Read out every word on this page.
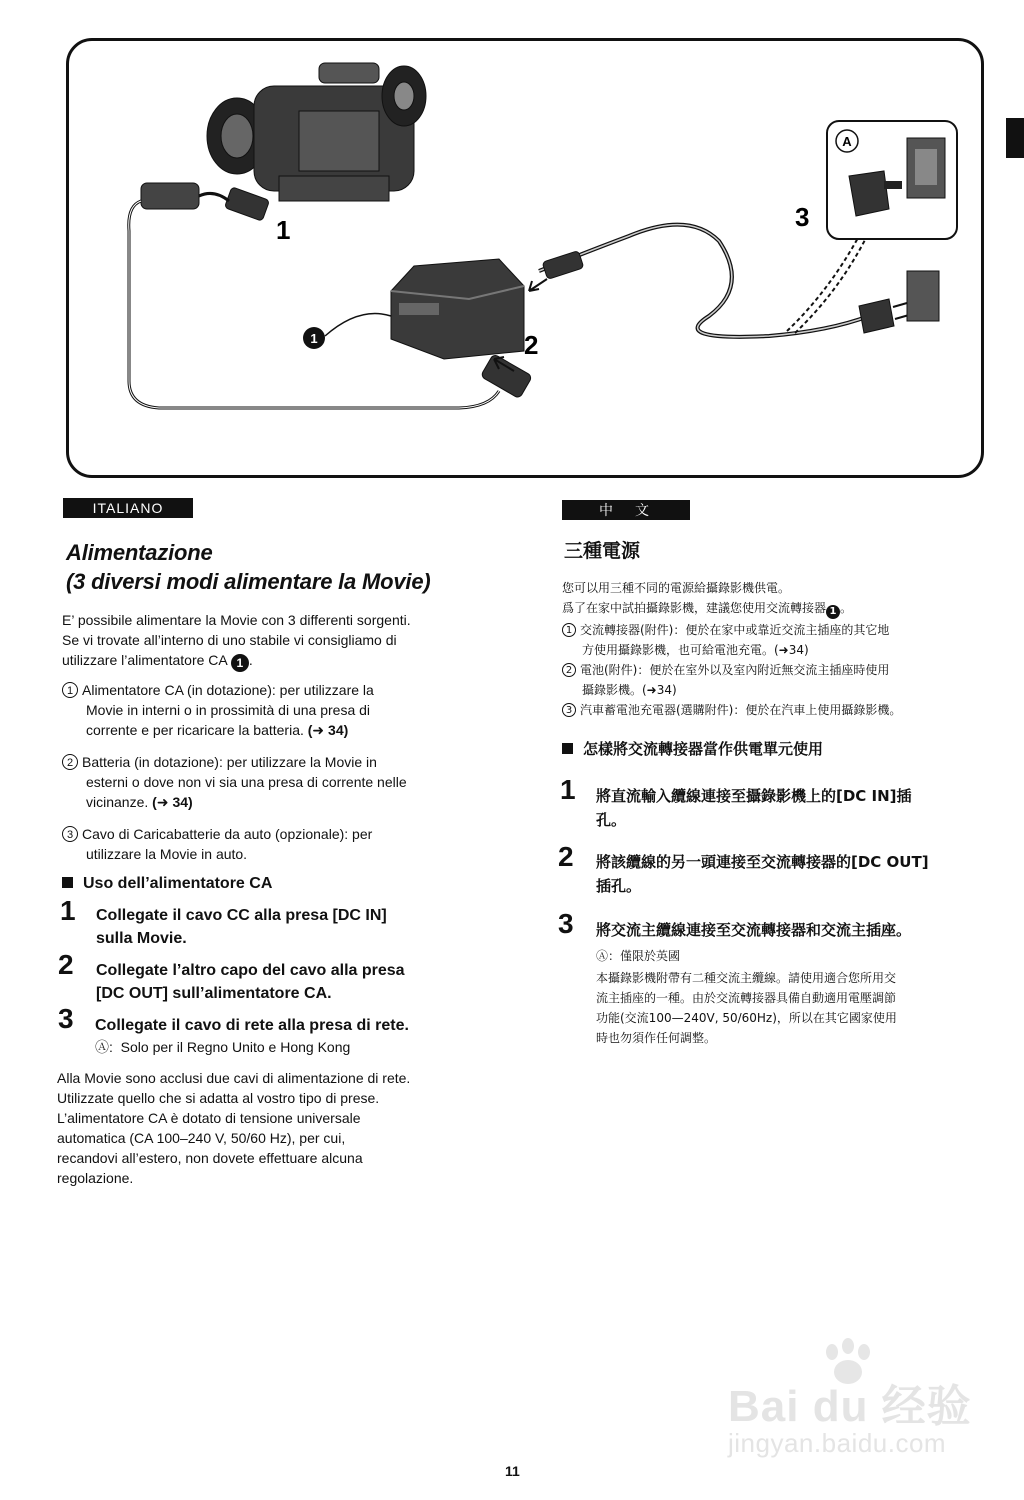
1
1
2
3
A
ITALIANO
Alimentazione
(3 diversi modi alimentare la Movie)
E’ possibile alimentare la Movie con 3 differenti sorgenti.
Se vi trovate all’interno di uno stabile vi consigliamo di
utilizzare l’alimentatore CA 1 .
1 Alimentatore CA (in dotazione): per utilizzare la
Movie in interni o in prossimità di una presa di
corrente e per ricaricare la batteria. (➜ 34)
2 Batteria (in dotazione): per utilizzare la Movie in
esterni o dove non vi sia una presa di corrente nelle
vicinanze. (➜ 34)
3 Cavo di Caricabatterie da auto (opzionale): per
utilizzare la Movie in auto.
Uso dell’alimentatore CA
1 Collegate il cavo CC alla presa [DC IN]
sulla Movie.
2 Collegate l’altro capo del cavo alla presa
[DC OUT] sull’alimentatore CA.
3 Collegate il cavo di rete alla presa di rete.
Ⓐ: Solo per il Regno Unito e Hong Kong
Alla Movie sono acclusi due cavi di alimentazione di rete.
Utilizzate quello che si adatta al vostro tipo di prese.
L’alimentatore CA è dotato di tensione universale
automatica (CA 100–240 V, 50/60 Hz), per cui,
recandovi all’estero, non dovete effettuare alcuna
regolazione.
中　文
三種電源
您可以用三種不同的電源給攝錄影機供電。
爲了在家中試拍攝錄影機，建議您使用交流轉接器 1 。
1 交流轉接器(附件)：便於在家中或靠近交流主插座的其它地
方使用攝錄影機，也可給電池充電。(➜34)
2 電池(附件)：便於在室外以及室內附近無交流主插座時使用
攝錄影機。(➜34)
3 汽車蓄電池充電器(選購附件)：便於在汽車上使用攝錄影機。
怎樣將交流轉接器當作供電單元使用
1 將直流輸入纜線連接至攝錄影機上的[DC IN]插
孔。
2 將該纜線的另一頭連接至交流轉接器的[DC OUT]
插孔。
3 將交流主纜線連接至交流轉接器和交流主插座。
Ⓐ：僅限於英國
本攝錄影機附帶有二種交流主纜線。請使用適合您所用交
流主插座的一種。由於交流轉接器具備自動適用電壓調節
功能(交流100—240V, 50/60Hz)，所以在其它國家使用
時也勿須作任何調整。
11
Bai du 经验
jingyan.baidu.com
